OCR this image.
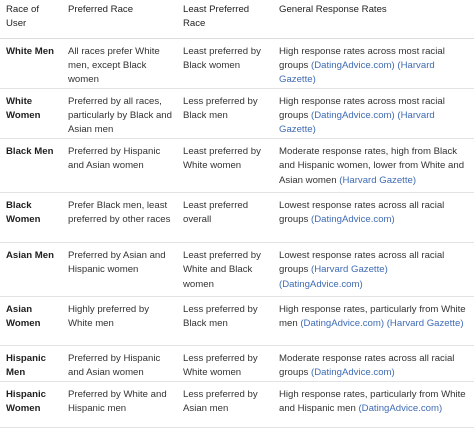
Race of User	Preferred Race	Least Preferred Race	General Response Rates
White Men	All races prefer White men, except Black women	Least preferred by Black women	High response rates across most racial groups (DatingAdvice.com) (Harvard Gazette)
White Women	Preferred by all races, particularly by Black and Asian men	Less preferred by Black men	High response rates across most racial groups (DatingAdvice.com) (Harvard Gazette)
Black Men	Preferred by Hispanic and Asian women	Least preferred by White women	Moderate response rates, high from Black and Hispanic women, lower from White and Asian women (Harvard Gazette)
Black Women	Prefer Black men, least preferred by other races	Least preferred overall	Lowest response rates across all racial groups (DatingAdvice.com)
Asian Men	Preferred by Asian and Hispanic women	Least preferred by White and Black women	Lowest response rates across all racial groups (Harvard Gazette) (DatingAdvice.com)
Asian Women	Highly preferred by White men	Less preferred by Black men	High response rates, particularly from White men (DatingAdvice.com) (Harvard Gazette)
Hispanic Men	Preferred by Hispanic and Asian women	Less preferred by White women	Moderate response rates across all racial groups (DatingAdvice.com)
Hispanic Women	Preferred by White and Hispanic men	Less preferred by Asian men	High response rates, particularly from White and Hispanic men (DatingAdvice.com)
